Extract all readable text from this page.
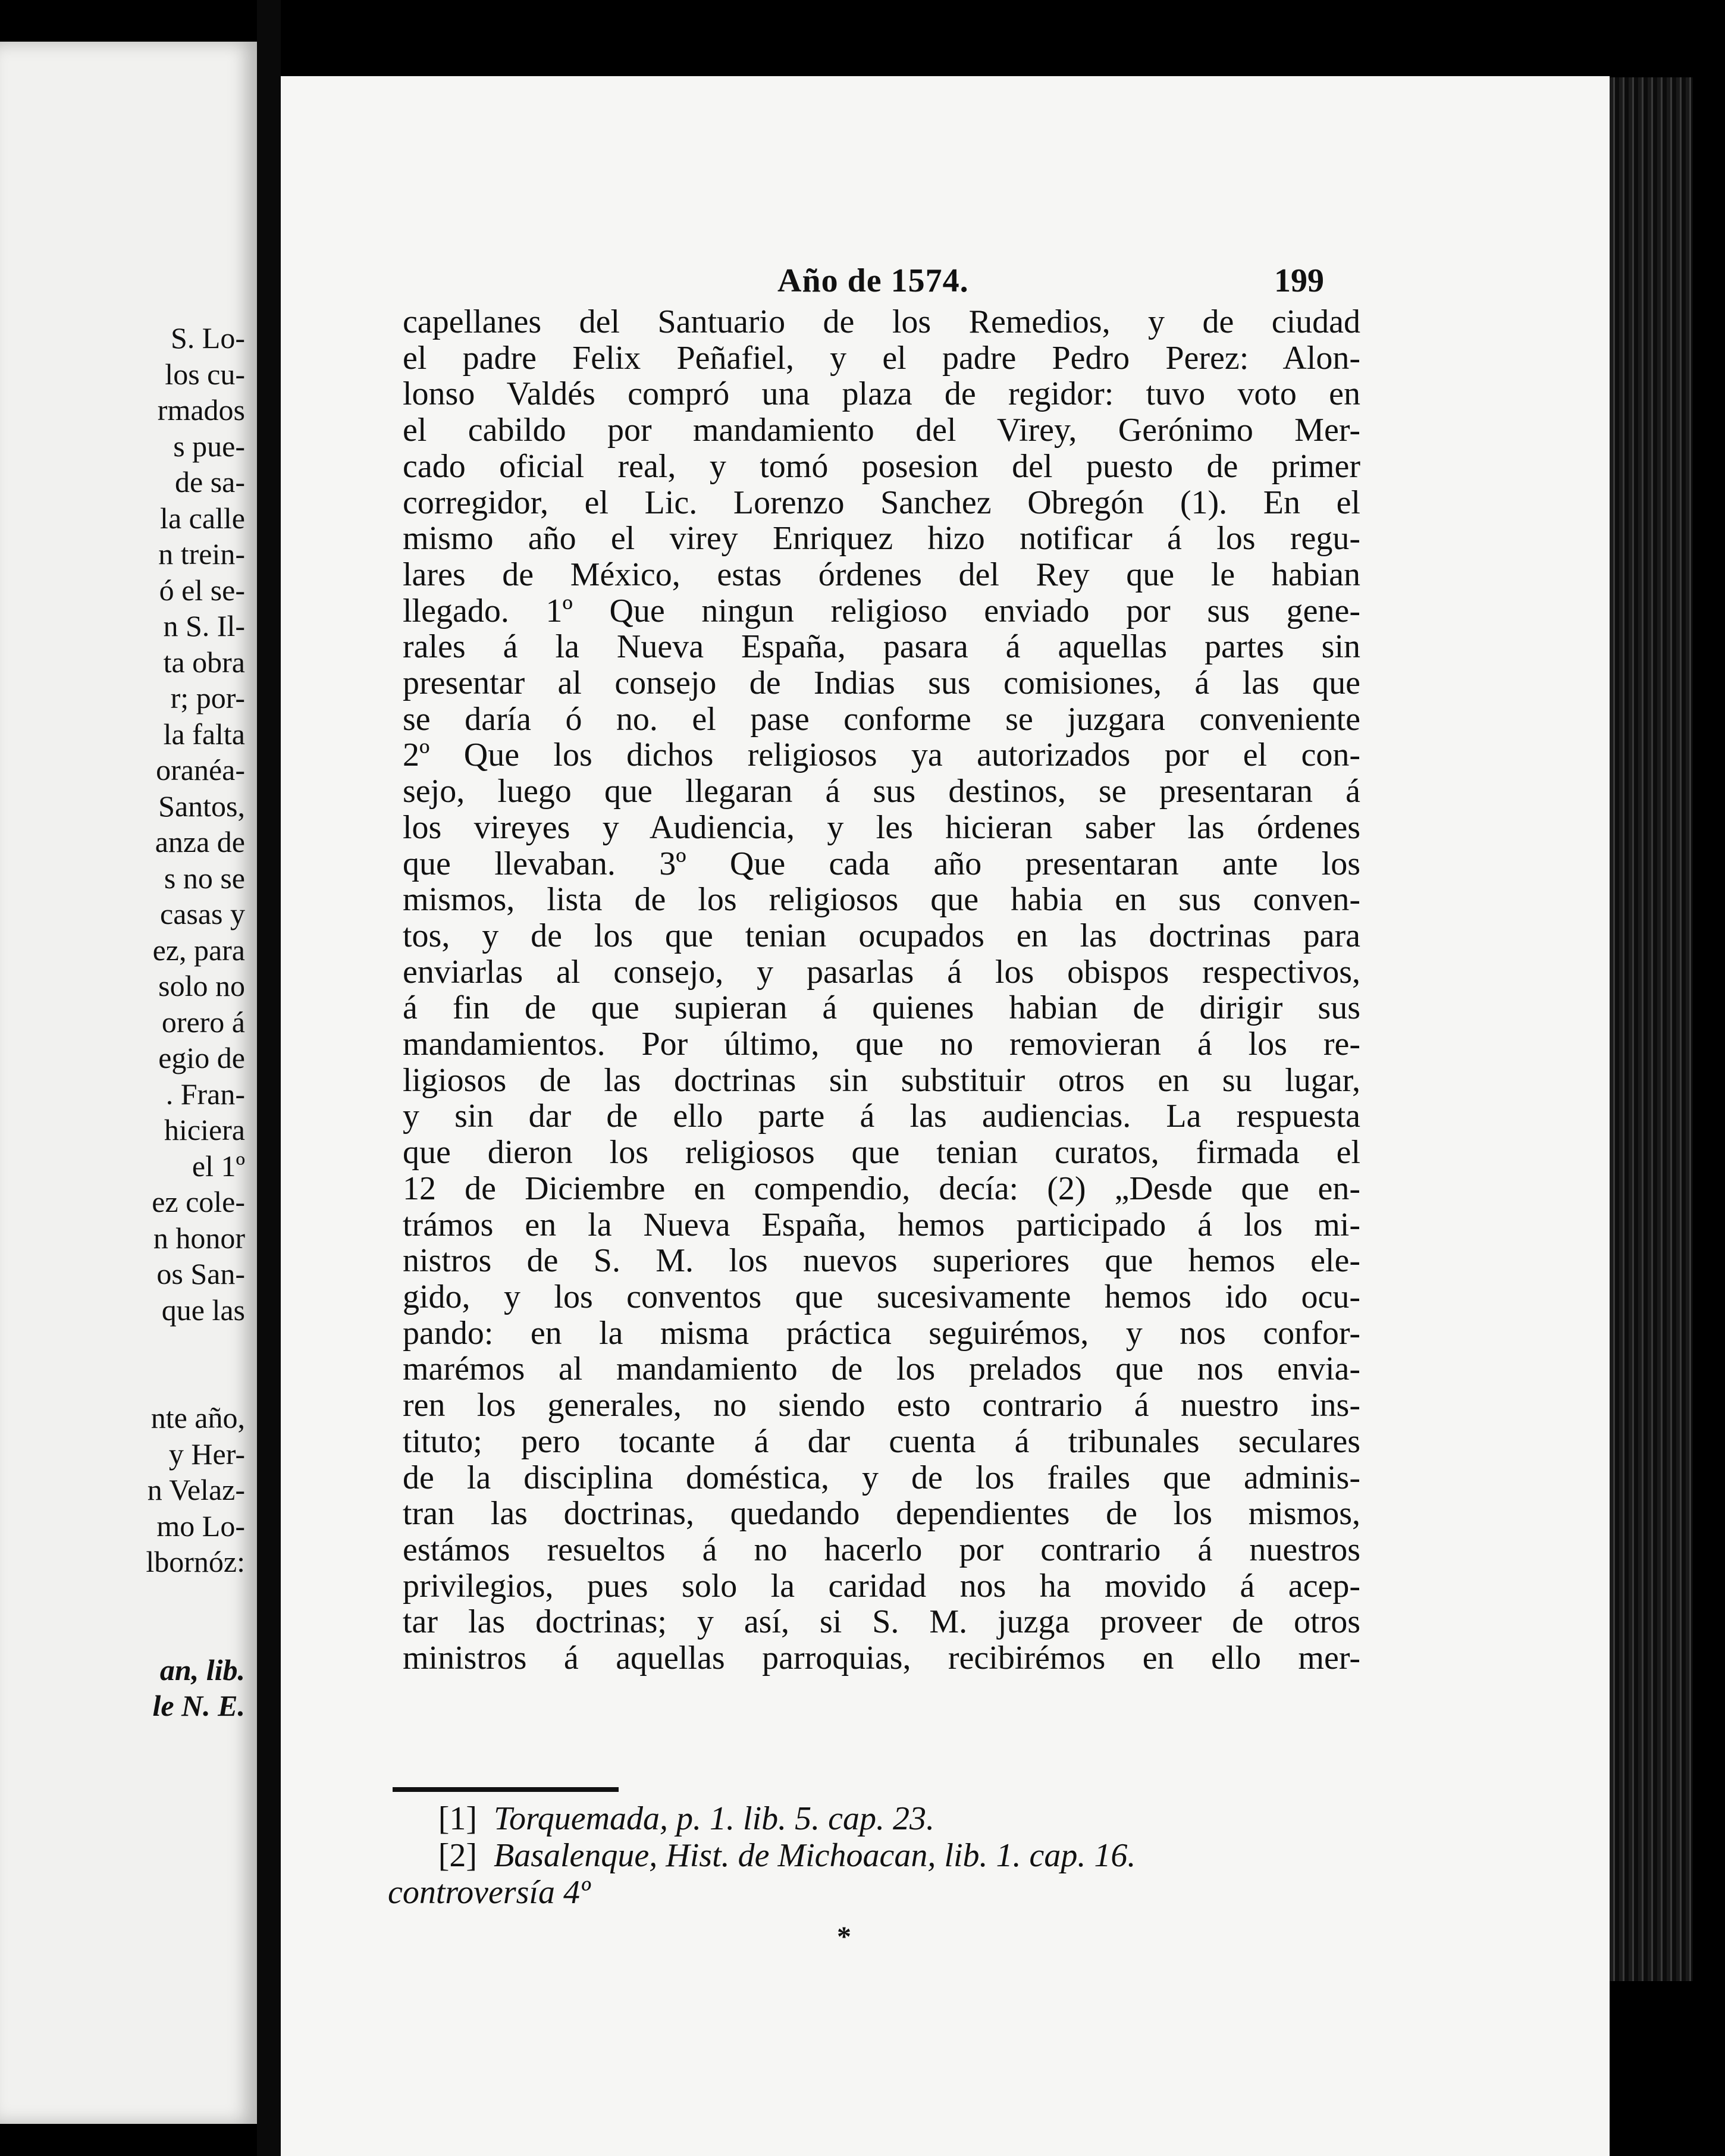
S. Lo-
los cu-
rmados
s pue-
de sa-
la calle
n trein-
ó el se-
n S. Il-
ta obra
r; por-
la falta
oranéa-
Santos,
anza de
s no se
casas y
ez, para
solo no
orero á
egio de
. Fran-
hiciera
el 1º
ez cole-
n honor
os San-
que las
nte año,
y Her-
n Velaz-
mo Lo-
lbornóz:
an, lib.
le N. E.
Año de 1574.	199
capellanes del Santuario de los Remedios, y de ciudad
el padre Felix Peñafiel, y el padre Pedro Perez: Alon-
lonso Valdés compró una plaza de regidor: tuvo voto en
el cabildo por mandamiento del Virey, Gerónimo Mer-
cado oficial real, y tomó posesion del puesto de primer
corregidor, el Lic. Lorenzo Sanchez Obregón (1). En el
mismo año el virey Enriquez hizo notificar á los regu-
lares de México, estas órdenes del Rey que le habian
llegado. 1º Que ningun religioso enviado por sus gene-
rales á la Nueva España, pasara á aquellas partes sin
presentar al consejo de Indias sus comisiones, á las que
se daría ó no. el pase conforme se juzgara conveniente
2º Que los dichos religiosos ya autorizados por el con-
sejo, luego que llegaran á sus destinos, se presentaran á
los vireyes y Audiencia, y les hicieran saber las órdenes
que llevaban. 3º Que cada año presentaran ante los
mismos, lista de los religiosos que habia en sus conven-
tos, y de los que tenian ocupados en las doctrinas para
enviarlas al consejo, y pasarlas á los obispos respectivos,
á fin de que supieran á quienes habian de dirigir sus
mandamientos. Por último, que no removieran á los re-
ligiosos de las doctrinas sin substituir otros en su lugar,
y sin dar de ello parte á las audiencias. La respuesta
que dieron los religiosos que tenian curatos, firmada el
12 de Diciembre en compendio, decía: (2) „Desde que en-
trámos en la Nueva España, hemos participado á los mi-
nistros de S. M. los nuevos superiores que hemos ele-
gido, y los conventos que sucesivamente hemos ido ocu-
pando: en la misma práctica seguirémos, y nos confor-
marémos al mandamiento de los prelados que nos envia-
ren los generales, no siendo esto contrario á nuestro ins-
tituto; pero tocante á dar cuenta á tribunales seculares
de la disciplina doméstica, y de los frailes que adminis-
tran las doctrinas, quedando dependientes de los mismos,
estámos resueltos á no hacerlo por contrario á nuestros
privilegios, pues solo la caridad nos ha movido á acep-
tar las doctrinas; y así, si S. M. juzga proveer de otros
ministros á aquellas parroquias, recibirémos en ello mer-
[1] Torquemada, p. 1. lib. 5. cap. 23.
[2] Basalenque, Hist. de Michoacan, lib. 1. cap. 16.
controversía 4º
*
